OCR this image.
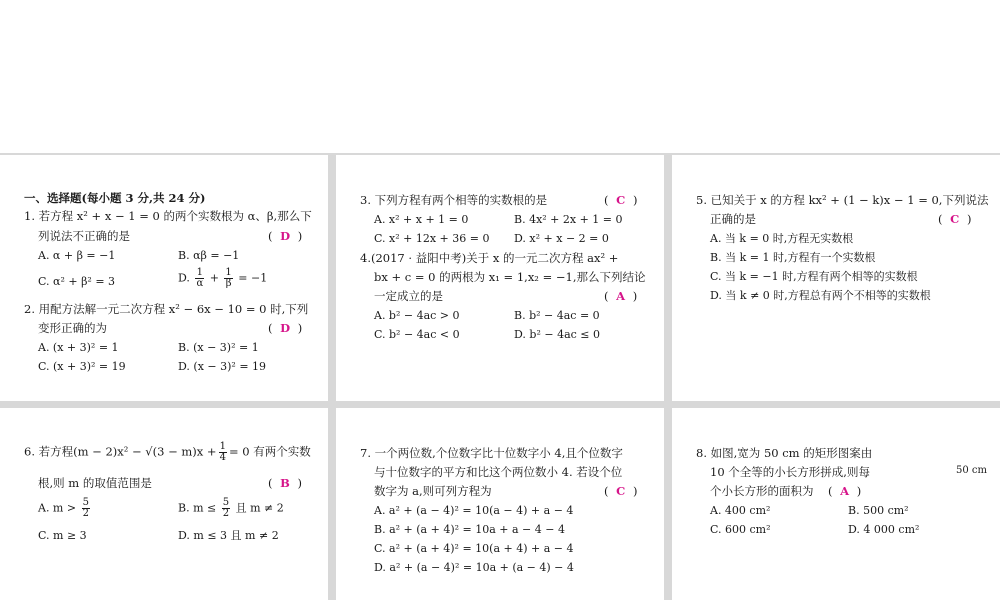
一、选择题(每小题 3 分,共 24 分)
1. 若方程 x² + x − 1 = 0 的两个实数根为 α、β,那么下
列说法不正确的是	( D )
A. α + β = −1	B. αβ = −1
C. α² + β² = 3	D. $\frac{1}{\alpha} + \frac{1}{\beta} = -1$
2. 用配方法解一元二次方程 x² − 6x − 10 = 0 时,下列
变形正确的为	( D )
A. (x + 3)² = 1	B. (x − 3)² = 1
C. (x + 3)² = 19	D. (x − 3)² = 19
3. 下列方程有两个相等的实数根的是	( C )
A. x² + x + 1 = 0	B. 4x² + 2x + 1 = 0
C. x² + 12x + 36 = 0 D. x² + x − 2 = 0
4.(2017 · 益阳中考)关于 x 的一元二次方程 ax² +
bx + c = 0 的两根为 x₁ = 1,x₂ = −1,那么下列结论
一定成立的是	( A )
A. b² − 4ac > 0	B. b² − 4ac = 0
C. b² − 4ac < 0	D. b² − 4ac ≤ 0
5. 已知关于 x 的方程 kx² + (1 − k)x − 1 = 0,下列说法
正确的是	( C )
A. 当 k = 0 时,方程无实数根
B. 当 k = 1 时,方程有一个实数根
C. 当 k = −1 时,方程有两个相等的实数根
D. 当 k ≠ 0 时,方程总有两个不相等的实数根
6. 若方程$(m - 2)x^2 - √(3 - m)x + \frac{1}{4} = 0$ 有两个实数
根,则 m 的取值范围是	( B )
A. $m > \frac{5}{2}$	B. $m \le \frac{5}{2}$ 且 m ≠ 2
C. m ≥ 3	D. m ≤ 3 且 m ≠ 2
7. 一个两位数,个位数字比十位数字小 4,且个位数字
与十位数字的平方和比这个两位数小 4. 若设个位
数字为 a,则可列方程为	( C )
A. a² + (a − 4)² = 10(a − 4) + a − 4
B. a² + (a + 4)² = 10a + a − 4 − 4
C. a² + (a + 4)² = 10(a + 4) + a − 4
D. a² + (a − 4)² = 10a + (a − 4) − 4
8. 如图,宽为 50 cm 的矩形图案由
10 个全等的小长方形拼成,则每
个小长方形的面积为 ( A )
A. 400 cm²	B. 500 cm²
C. 600 cm²	D. 4 000 cm²
50 cm
